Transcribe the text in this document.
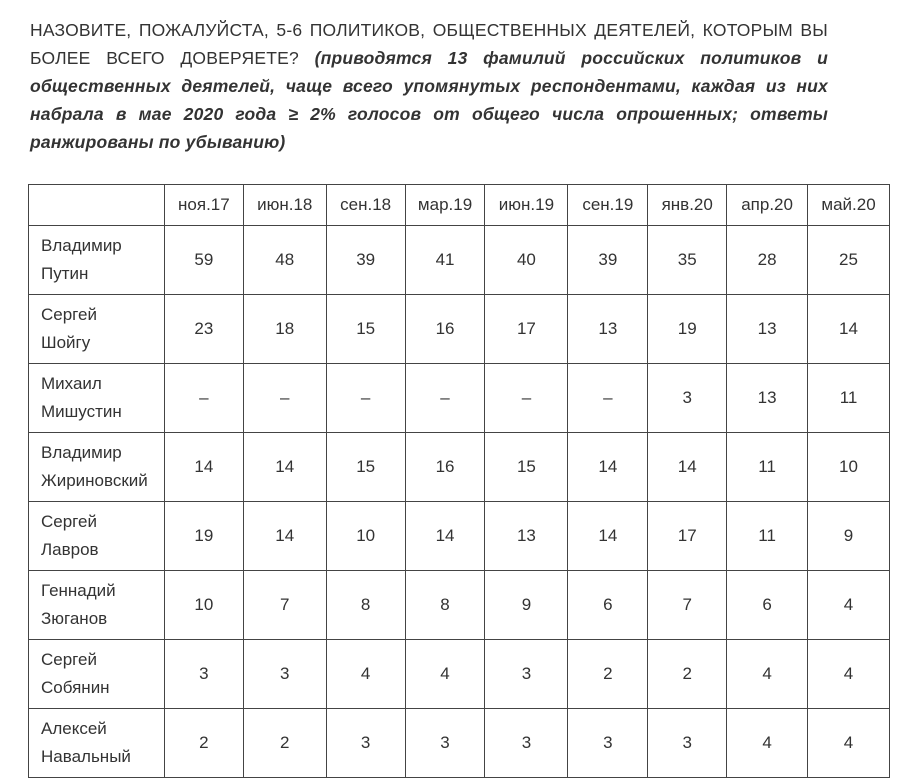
НАЗОВИТЕ, ПОЖАЛУЙСТА, 5-6 ПОЛИТИКОВ, ОБЩЕСТВЕННЫХ ДЕЯТЕЛЕЙ, КОТОРЫМ ВЫ БОЛЕЕ ВСЕГО ДОВЕРЯЕТЕ? (приводятся 13 фамилий российских политиков и общественных деятелей, чаще всего упомянутых респондентами, каждая из них набрала в мае 2020 года ≥ 2% голосов от общего числа опрошенных; ответы ранжированы по убыванию)
	ноя.17	июн.18	сен.18	мар.19	июн.19	сен.19	янв.20	апр.20	май.20

Владимир
Путин	59	48	39	41	40	39	35	28	25

Сергей
Шойгу	23	18	15	16	17	13	19	13	14

Михаил
Мишустин	–	–	–	–	–	–	3	13	11

Владимир
Жириновский	14	14	15	16	15	14	14	11	10

Сергей
Лавров	19	14	10	14	13	14	17	11	9

Геннадий
Зюганов	10	7	8	8	9	6	7	6	4

Сергей
Собянин	3	3	4	4	3	2	2	4	4

Алексей
Навальный	2	2	3	3	3	3	3	4	4
